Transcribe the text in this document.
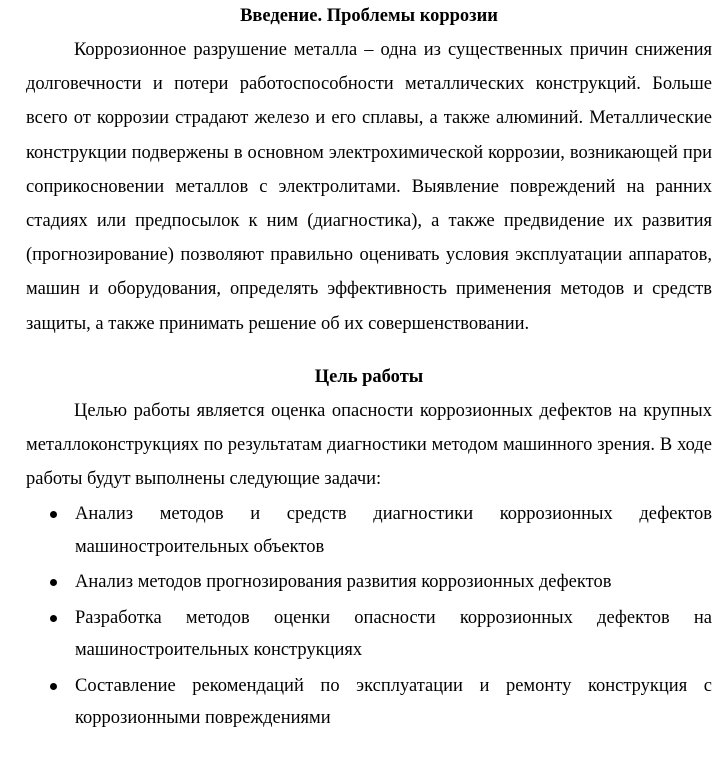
Введение. Проблемы коррозии

Коррозионное разрушение металла – одна из существенных причин снижения долговечности и потери работоспособности металлических конструкций. Больше всего от коррозии страдают железо и его сплавы, а также алюминий. Металлические конструкции подвержены в основном электрохимической коррозии, возникающей при соприкосновении металлов с электролитами. Выявление повреждений на ранних стадиях или предпосылок к ним (диагностика), а также предвидение их развития (прогнозирование) позволяют правильно оценивать условия эксплуатации аппаратов, машин и оборудования, определять эффективность применения методов и средств защиты, а также принимать решение об их совершенствовании.

Цель работы

Целью работы является оценка опасности коррозионных дефектов на крупных металлоконструкциях по результатам диагностики методом машинного зрения. В ходе работы будут выполнены следующие задачи:

Анализ методов и средств диагностики коррозионных дефектов машиностроительных объектов
Анализ методов прогнозирования развития коррозионных дефектов
Разработка методов оценки опасности коррозионных дефектов на машиностроительных конструкциях
Составление рекомендаций по эксплуатации и ремонту конструкция с коррозионными повреждениями
